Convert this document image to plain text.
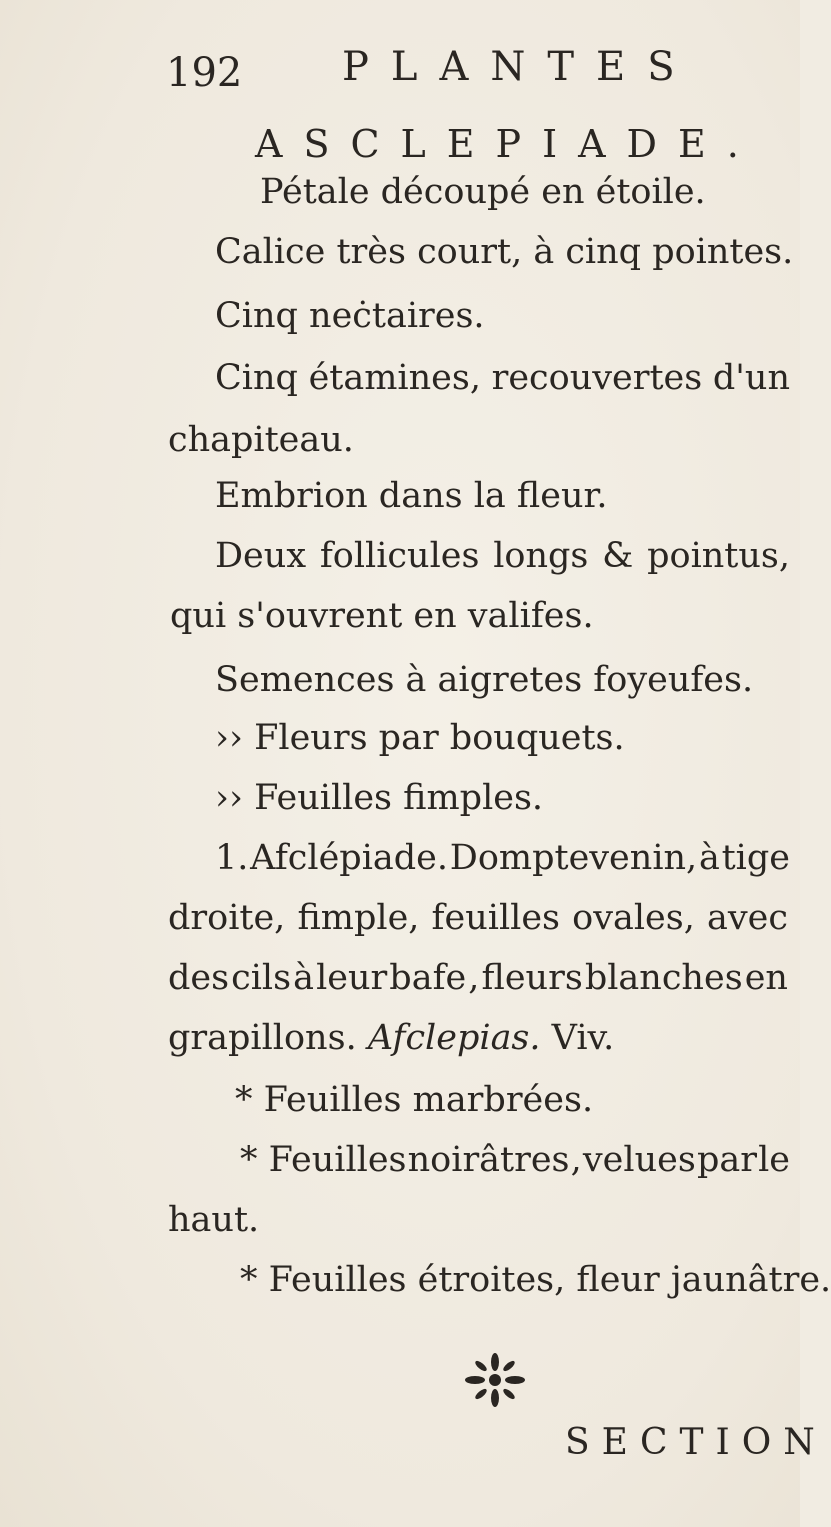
192 PLANTES
ASCLEPIADE.
Pétale découpé en étoile.
Calice très court, à cinq pointes.
Cinq neċtaires.
Cinq étamines, recouvertes d'un
chapiteau.
Embrion dans la fleur.
Deux follicules longs & pointus,
qui s'ouvrent en valifes.
Semences à aigretes foyeufes.
›› Fleurs par bouquets.
›› Feuilles fimples.
1. Afclépiade. Domptevenin, à tige
droite, fimple, feuilles ovales, avec
des cils à leur bafe , fleurs blanches en
grapillons. Afclepias. Viv.
* Feuilles marbrées.
* Feuilles noirâtres , velues par le
haut.
* Feuilles étroites, fleur jaunâtre.
SECTION
